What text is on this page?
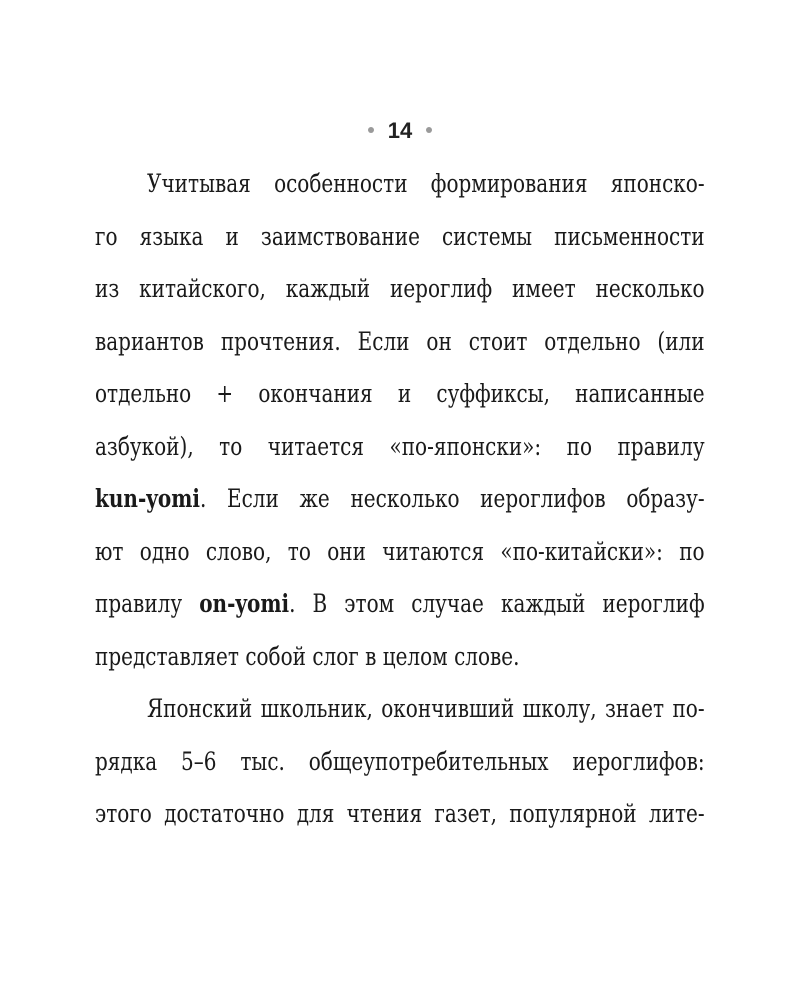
14
Учитывая особенности формирования японско-
го языка и заимствование системы письменности
из китайского, каждый иероглиф имеет несколько
вариантов прочтения. Если он стоит отдельно (или
отдельно + окончания и суффиксы, написанные
азбукой), то читается «по-японски»: по правилу
kun-yomi. Если же несколько иероглифов образу-
ют одно слово, то они читаются «по-китайски»: по
правилу on-yomi. В этом случае каждый иероглиф
представляет собой слог в целом слове.
Японский школьник, окончивший школу, знает по-
рядка 5–6 тыс. общеупотребительных иероглифов:
этого достаточно для чтения газет, популярной лите-
